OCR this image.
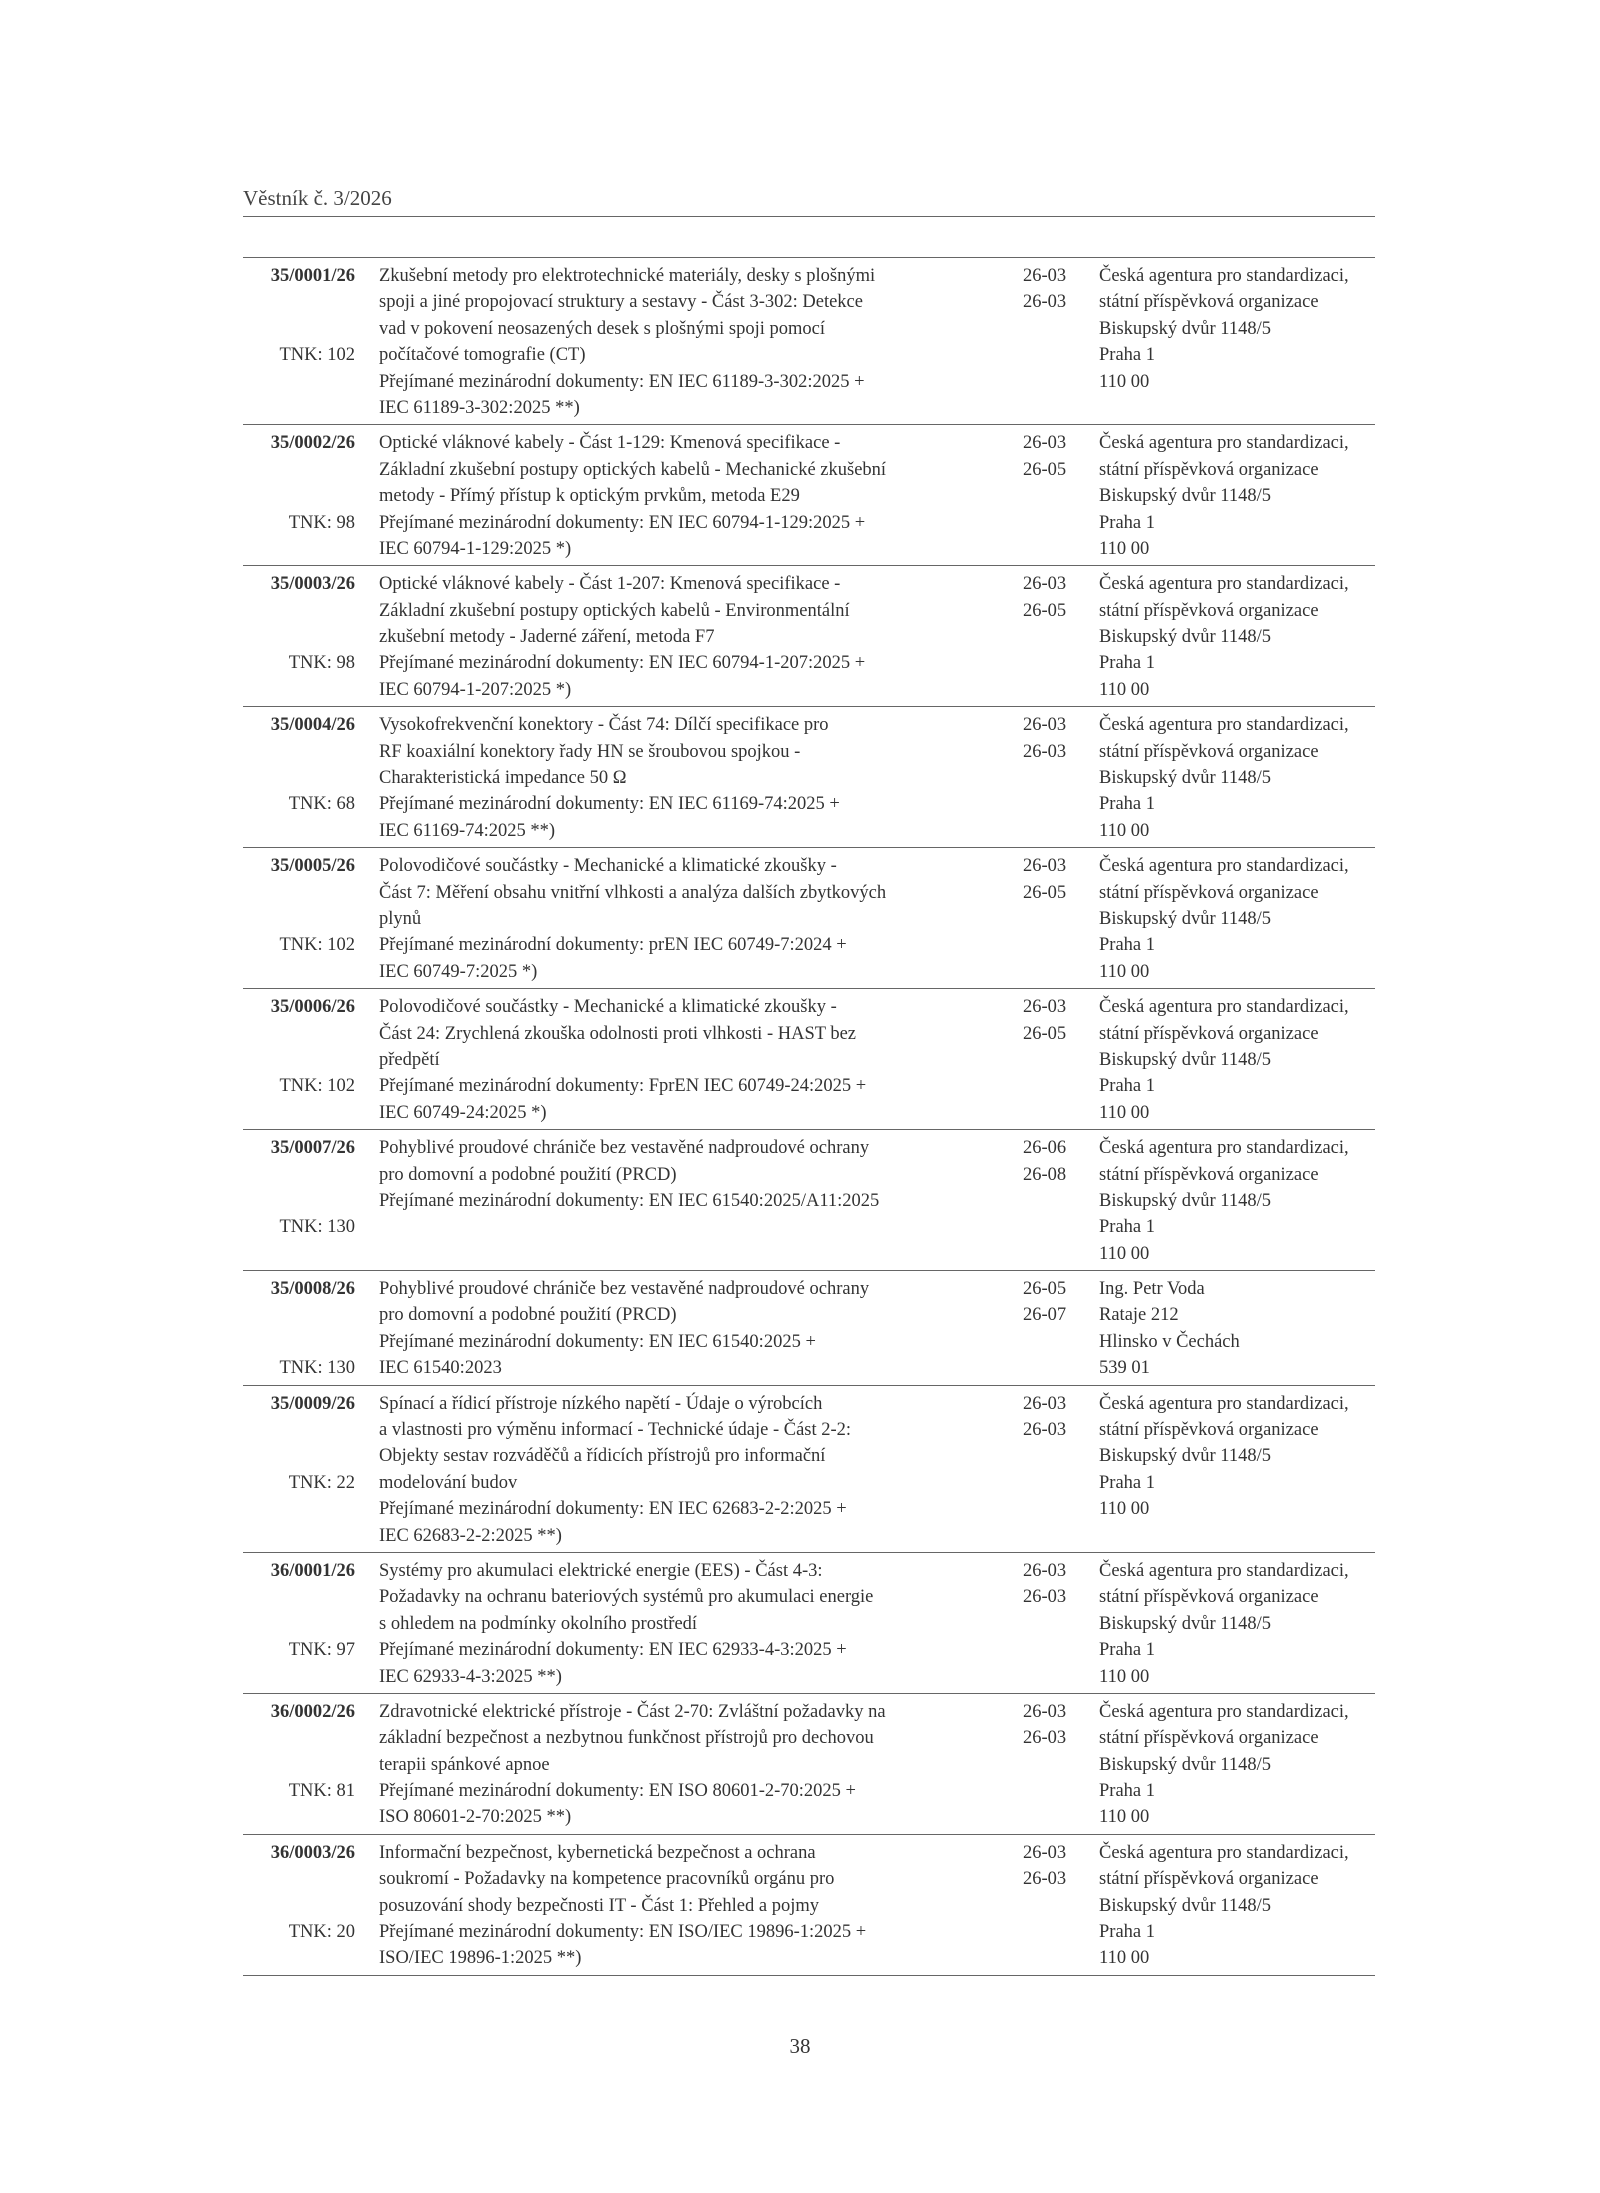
Věstník č. 3/2026
35/0001/26
TNK: 102
Zkušební metody pro elektrotechnické materiály, desky s plošnými
spoji a jiné propojovací struktury a sestavy - Část 3-302: Detekce
vad v pokovení neosazených desek s plošnými spoji pomocí
počítačové tomografie (CT)
Přejímané mezinárodní dokumenty: EN IEC 61189-3-302:2025 +
IEC 61189-3-302:2025 **)
26-03
26-03
Česká agentura pro standardizaci,
státní příspěvková organizace
Biskupský dvůr 1148/5
Praha 1
110 00
35/0002/26
TNK: 98
Optické vláknové kabely - Část 1-129: Kmenová specifikace -
Základní zkušební postupy optických kabelů - Mechanické zkušební
metody - Přímý přístup k optickým prvkům, metoda E29
Přejímané mezinárodní dokumenty: EN IEC 60794-1-129:2025 +
IEC 60794-1-129:2025 *)
26-03
26-05
Česká agentura pro standardizaci,
státní příspěvková organizace
Biskupský dvůr 1148/5
Praha 1
110 00
35/0003/26
TNK: 98
Optické vláknové kabely - Část 1-207: Kmenová specifikace -
Základní zkušební postupy optických kabelů - Environmentální
zkušební metody - Jaderné záření, metoda F7
Přejímané mezinárodní dokumenty: EN IEC 60794-1-207:2025 +
IEC 60794-1-207:2025 *)
26-03
26-05
Česká agentura pro standardizaci,
státní příspěvková organizace
Biskupský dvůr 1148/5
Praha 1
110 00
35/0004/26
TNK: 68
Vysokofrekvenční konektory - Část 74: Dílčí specifikace pro
RF koaxiální konektory řady HN se šroubovou spojkou -
Charakteristická impedance 50 Ω
Přejímané mezinárodní dokumenty: EN IEC 61169-74:2025 +
IEC 61169-74:2025 **)
26-03
26-03
Česká agentura pro standardizaci,
státní příspěvková organizace
Biskupský dvůr 1148/5
Praha 1
110 00
35/0005/26
TNK: 102
Polovodičové součástky - Mechanické a klimatické zkoušky -
Část 7: Měření obsahu vnitřní vlhkosti a analýza dalších zbytkových
plynů
Přejímané mezinárodní dokumenty: prEN IEC 60749-7:2024 +
IEC 60749-7:2025 *)
26-03
26-05
Česká agentura pro standardizaci,
státní příspěvková organizace
Biskupský dvůr 1148/5
Praha 1
110 00
35/0006/26
TNK: 102
Polovodičové součástky - Mechanické a klimatické zkoušky -
Část 24: Zrychlená zkouška odolnosti proti vlhkosti - HAST bez
předpětí
Přejímané mezinárodní dokumenty: FprEN IEC 60749-24:2025 +
IEC 60749-24:2025 *)
26-03
26-05
Česká agentura pro standardizaci,
státní příspěvková organizace
Biskupský dvůr 1148/5
Praha 1
110 00
35/0007/26
TNK: 130
Pohyblivé proudové chrániče bez vestavěné nadproudové ochrany
pro domovní a podobné použití (PRCD)
Přejímané mezinárodní dokumenty: EN IEC 61540:2025/A11:2025
26-06
26-08
Česká agentura pro standardizaci,
státní příspěvková organizace
Biskupský dvůr 1148/5
Praha 1
110 00
35/0008/26
TNK: 130
Pohyblivé proudové chrániče bez vestavěné nadproudové ochrany
pro domovní a podobné použití (PRCD)
Přejímané mezinárodní dokumenty: EN IEC 61540:2025 +
IEC 61540:2023
26-05
26-07
Ing. Petr Voda
Rataje 212
Hlinsko v Čechách
539 01
35/0009/26
TNK: 22
Spínací a řídicí přístroje nízkého napětí - Údaje o výrobcích
a vlastnosti pro výměnu informací - Technické údaje - Část 2-2:
Objekty sestav rozváděčů a řídicích přístrojů pro informační
modelování budov
Přejímané mezinárodní dokumenty: EN IEC 62683-2-2:2025 +
IEC 62683-2-2:2025 **)
26-03
26-03
Česká agentura pro standardizaci,
státní příspěvková organizace
Biskupský dvůr 1148/5
Praha 1
110 00
36/0001/26
TNK: 97
Systémy pro akumulaci elektrické energie (EES) - Část 4-3:
Požadavky na ochranu bateriových systémů pro akumulaci energie
s ohledem na podmínky okolního prostředí
Přejímané mezinárodní dokumenty: EN IEC 62933-4-3:2025 +
IEC 62933-4-3:2025 **)
26-03
26-03
Česká agentura pro standardizaci,
státní příspěvková organizace
Biskupský dvůr 1148/5
Praha 1
110 00
36/0002/26
TNK: 81
Zdravotnické elektrické přístroje - Část 2-70: Zvláštní požadavky na
základní bezpečnost a nezbytnou funkčnost přístrojů pro dechovou
terapii spánkové apnoe
Přejímané mezinárodní dokumenty: EN ISO 80601-2-70:2025 +
ISO 80601-2-70:2025 **)
26-03
26-03
Česká agentura pro standardizaci,
státní příspěvková organizace
Biskupský dvůr 1148/5
Praha 1
110 00
36/0003/26
TNK: 20
Informační bezpečnost, kybernetická bezpečnost a ochrana
soukromí - Požadavky na kompetence pracovníků orgánu pro
posuzování shody bezpečnosti IT - Část 1: Přehled a pojmy
Přejímané mezinárodní dokumenty: EN ISO/IEC 19896-1:2025 +
ISO/IEC 19896-1:2025 **)
26-03
26-03
Česká agentura pro standardizaci,
státní příspěvková organizace
Biskupský dvůr 1148/5
Praha 1
110 00
38
